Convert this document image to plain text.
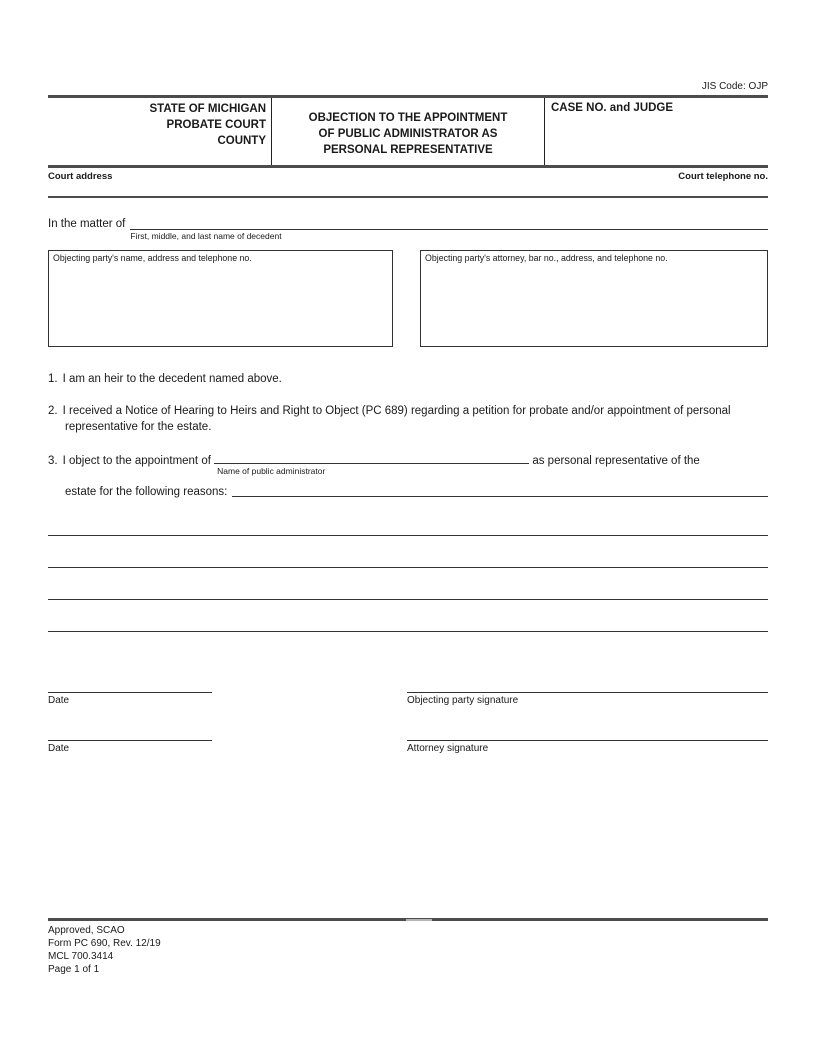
JIS Code: OJP
STATE OF MICHIGAN
PROBATE COURT
COUNTY
OBJECTION TO THE APPOINTMENT
OF PUBLIC ADMINISTRATOR AS
PERSONAL REPRESENTATIVE
CASE NO. and JUDGE
Court address	Court telephone no.
In the matter of
First, middle, and last name of decedent
Objecting party's name, address and telephone no.	Objecting party's attorney, bar no., address, and telephone no.
1. I am an heir to the decedent named above.
2. I received a Notice of Hearing to Heirs and Right to Object (PC 689) regarding a petition for probate and/or appointment of personal representative for the estate.
3. I object to the appointment of
Name of public administrator
as personal representative of the
estate for the following reasons:
Date	Objecting party signature
Date	Attorney signature
Approved, SCAO
Form PC 690, Rev. 12/19
MCL 700.3414
Page 1 of 1
